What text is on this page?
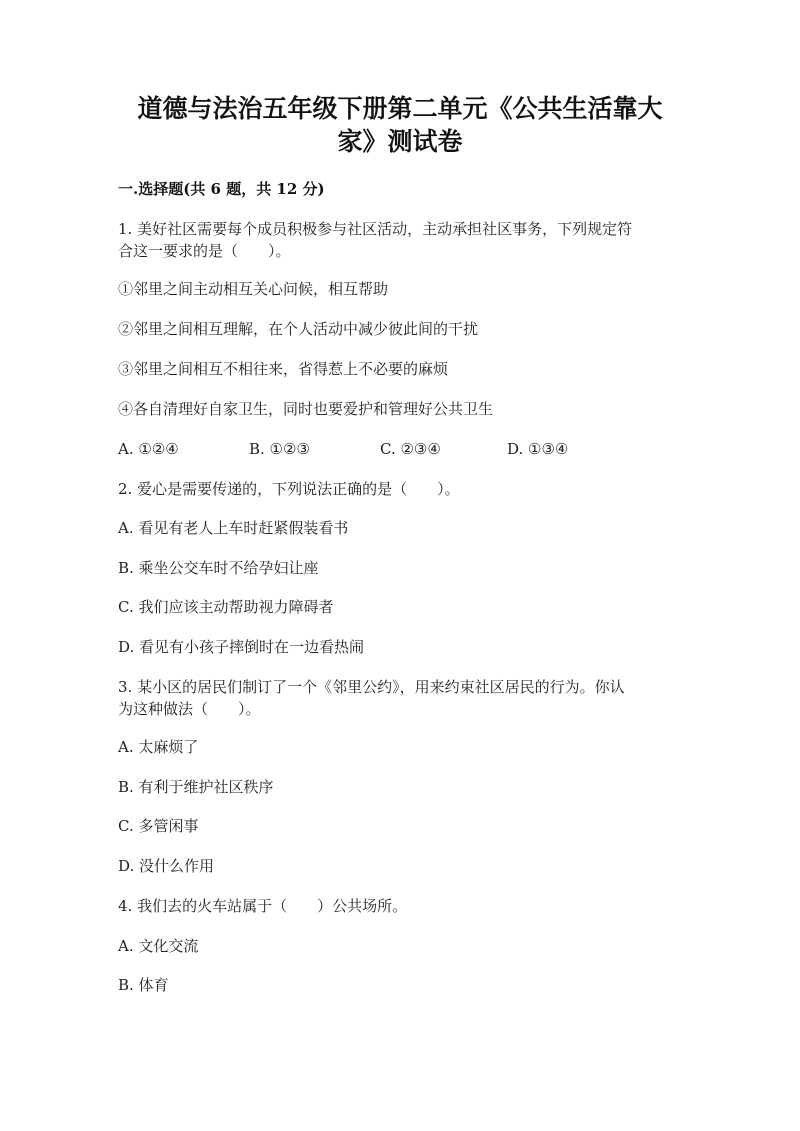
道德与法治五年级下册第二单元《公共生活靠大
家》测试卷
一.选择题(共 6 题，共 12 分)
1. 美好社区需要每个成员积极参与社区活动，主动承担社区事务，下列规定符
合这一要求的是（　　）。
①邻里之间主动相互关心问候，相互帮助
②邻里之间相互理解，在个人活动中减少彼此间的干扰
③邻里之间相互不相往来，省得惹上不必要的麻烦
④各自清理好自家卫生，同时也要爱护和管理好公共卫生
A. ①②④	B. ①②③	C. ②③④	D. ①③④
2. 爱心是需要传递的，下列说法正确的是（　　）。
A. 看见有老人上车时赶紧假装看书
B. 乘坐公交车时不给孕妇让座
C. 我们应该主动帮助视力障碍者
D. 看见有小孩子摔倒时在一边看热闹
3. 某小区的居民们制订了一个《邻里公约》，用来约束社区居民的行为。你认
为这种做法（　　）。
A. 太麻烦了
B. 有利于维护社区秩序
C. 多管闲事
D. 没什么作用
4. 我们去的火车站属于（　　）公共场所。
A. 文化交流
B. 体育
